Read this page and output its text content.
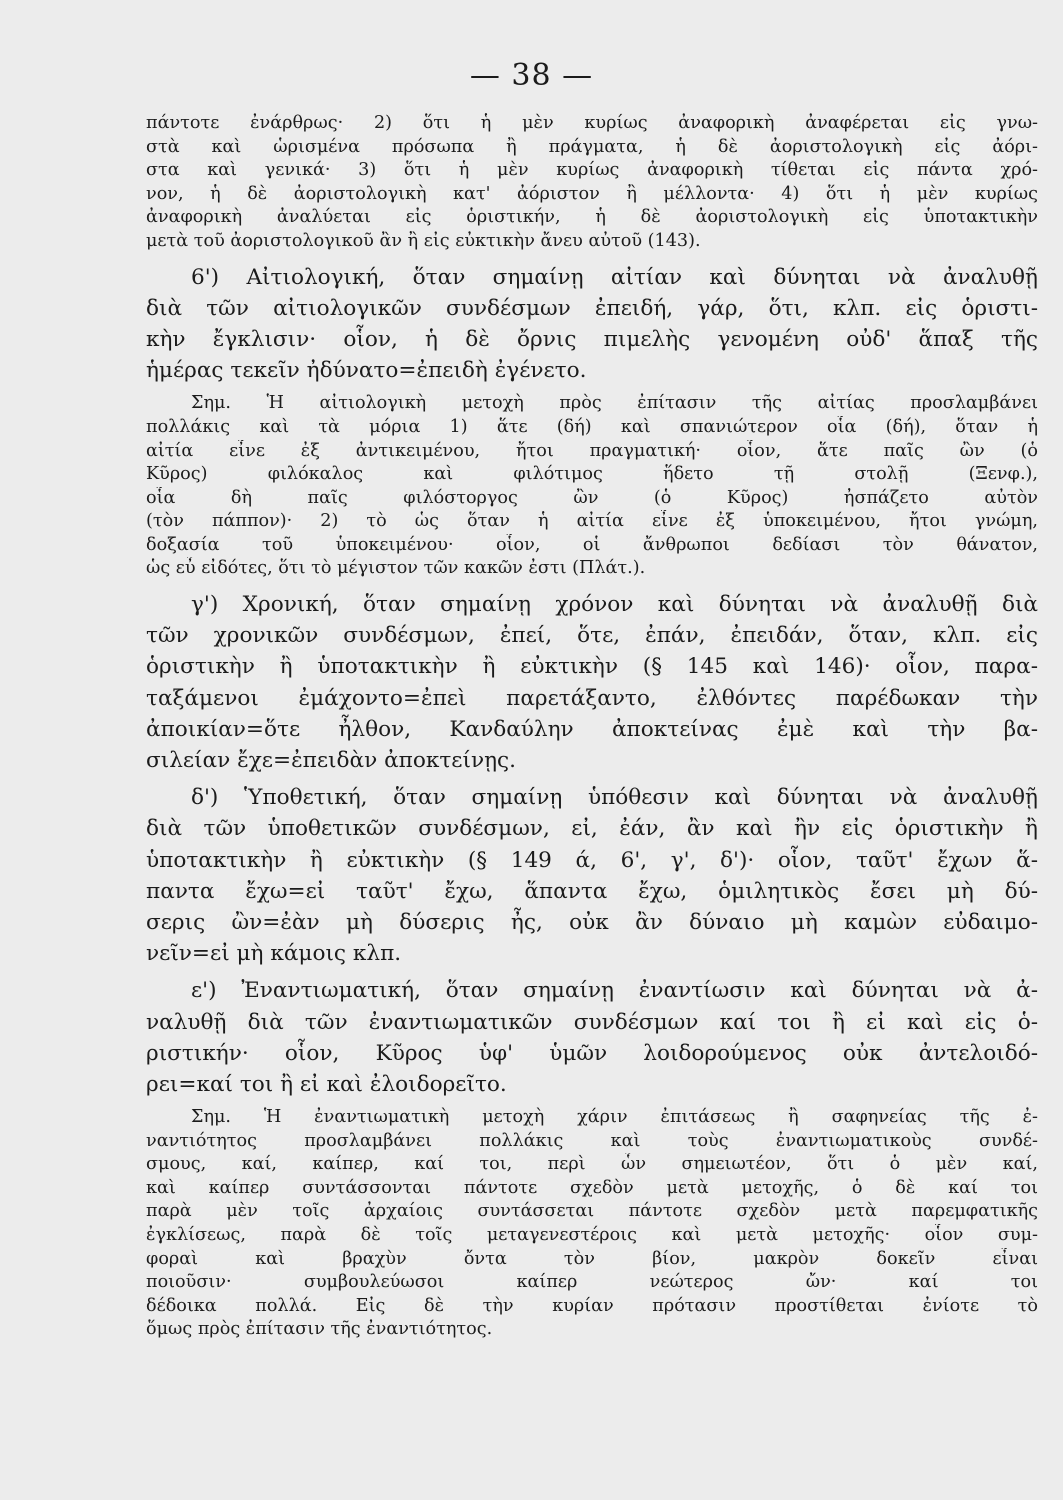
— 38 —
πάντοτε ἐνάρθρως· 2) ὅτι ἡ μὲν κυρίως ἀναφορικὴ ἀναφέρεται εἰς γνω-
στὰ καὶ ὡρισμένα πρόσωπα ἢ πράγματα, ἡ δὲ ἀοριστολογικὴ εἰς ἀόρι-
στα καὶ γενικά· 3) ὅτι ἡ μὲν κυρίως ἀναφορικὴ τίθεται εἰς πάντα χρό-
νον, ἡ δὲ ἀοριστολογικὴ κατ' ἀόριστον ἢ μέλλοντα· 4) ὅτι ἡ μὲν κυρίως
ἀναφορικὴ ἀναλύεται εἰς ὁριστικήν, ἡ δὲ ἀοριστολογικὴ εἰς ὑποτακτικὴν
μετὰ τοῦ ἀοριστολογικοῦ ἂν ἢ εἰς εὐκτικὴν ἄνευ αὐτοῦ (143).
6') Αἰτιολογική, ὅταν σημαίνῃ αἰτίαν καὶ δύνηται νὰ ἀναλυθῇ
διὰ τῶν αἰτιολογικῶν συνδέσμων ἐπειδή, γάρ, ὅτι, κλπ. εἰς ὁριστι-
κὴν ἔγκλισιν· οἷον, ἡ δὲ ὄρνις πιμελὴς γενομένη οὐδ' ἅπαξ τῆς
ἡμέρας τεκεῖν ἠδύνατο=ἐπειδὴ ἐγένετο.
Σημ. Ἡ αἰτιολογικὴ μετοχὴ πρὸς ἐπίτασιν τῆς αἰτίας προσλαμβάνει
πολλάκις καὶ τὰ μόρια 1) ἅτε (δή) καὶ σπανιώτερον οἷα (δή), ὅταν ἡ
αἰτία εἶνε ἐξ ἀντικειμένου, ἤτοι πραγματική· οἷον, ἅτε παῖς ὢν (ὁ
Κῦρος) φιλόκαλος καὶ φιλότιμος ἥδετο τῇ στολῇ (Ξενφ.),
οἷα δὴ παῖς φιλόστοργος ὢν (ὁ Κῦρος) ἠσπάζετο αὐτὸν
(τὸν πάππον)· 2) τὸ ὡς ὅταν ἡ αἰτία εἶνε ἐξ ὑποκειμένου, ἤτοι γνώμη,
δοξασία τοῦ ὑποκειμένου· οἷον, οἱ ἄνθρωποι δεδίασι τὸν θάνατον,
ὡς εὖ εἰδότες, ὅτι τὸ μέγιστον τῶν κακῶν ἐστι (Πλάτ.).
γ') Χρονική, ὅταν σημαίνῃ χρόνον καὶ δύνηται νὰ ἀναλυθῇ διὰ
τῶν χρονικῶν συνδέσμων, ἐπεί, ὅτε, ἐπάν, ἐπειδάν, ὅταν, κλπ. εἰς
ὁριστικὴν ἢ ὑποτακτικὴν ἢ εὐκτικὴν (§ 145 καὶ 146)· οἷον, παρα-
ταξάμενοι ἐμάχοντο=ἐπεὶ παρετάξαντο, ἐλθόντες παρέδωκαν τὴν
ἀποικίαν=ὅτε ἦλθον, Κανδαύλην ἀποκτείνας ἐμὲ καὶ τὴν βα-
σιλείαν ἔχε=ἐπειδὰν ἀποκτείνῃς.
δ') Ὑποθετική, ὅταν σημαίνῃ ὑπόθεσιν καὶ δύνηται νὰ ἀναλυθῇ
διὰ τῶν ὑποθετικῶν συνδέσμων, εἰ, ἐάν, ἂν καὶ ἢν εἰς ὁριστικὴν ἢ
ὑποτακτικὴν ἢ εὐκτικὴν (§ 149 ά, 6', γ', δ')· οἷον, ταῦτ' ἔχων ἅ-
παντα ἔχω=εἰ ταῦτ' ἔχω, ἅπαντα ἔχω, ὁμιλητικὸς ἔσει μὴ δύ-
σερις ὢν=ἐὰν μὴ δύσερις ἦς, οὐκ ἂν δύναιο μὴ καμὼν εὐδαιμο-
νεῖν=εἰ μὴ κάμοις κλπ.
ε') Ἐναντιωματική, ὅταν σημαίνῃ ἐναντίωσιν καὶ δύνηται νὰ ἀ-
ναλυθῇ διὰ τῶν ἐναντιωματικῶν συνδέσμων καί τοι ἢ εἰ καὶ εἰς ὁ-
ριστικήν· οἷον, Κῦρος ὑφ' ὑμῶν λοιδορούμενος οὐκ ἀντελοιδό-
ρει=καί τοι ἢ εἰ καὶ ἐλοιδορεῖτο.
Σημ. Ἡ ἐναντιωματικὴ μετοχὴ χάριν ἐπιτάσεως ἢ σαφηνείας τῆς ἐ-
ναντιότητος προσλαμβάνει πολλάκις καὶ τοὺς ἐναντιωματικοὺς συνδέ-
σμους, καί, καίπερ, καί τοι, περὶ ὧν σημειωτέον, ὅτι ὁ μὲν καί,
καὶ καίπερ συντάσσονται πάντοτε σχεδὸν μετὰ μετοχῆς, ὁ δὲ καί τοι
παρὰ μὲν τοῖς ἀρχαίοις συντάσσεται πάντοτε σχεδὸν μετὰ παρεμφατικῆς
ἐγκλίσεως, παρὰ δὲ τοῖς μεταγενεστέροις καὶ μετὰ μετοχῆς· οἷον συμ-
φοραὶ καὶ βραχὺν ὄντα τὸν βίον, μακρὸν δοκεῖν εἶναι
ποιοῦσιν· συμβουλεύωσοι καίπερ νεώτερος ὤν· καί τοι
δέδοικα πολλά. Εἰς δὲ τὴν κυρίαν πρότασιν προστίθεται ἐνίοτε τὸ
ὅμως πρὸς ἐπίτασιν τῆς ἐναντιότητος.
